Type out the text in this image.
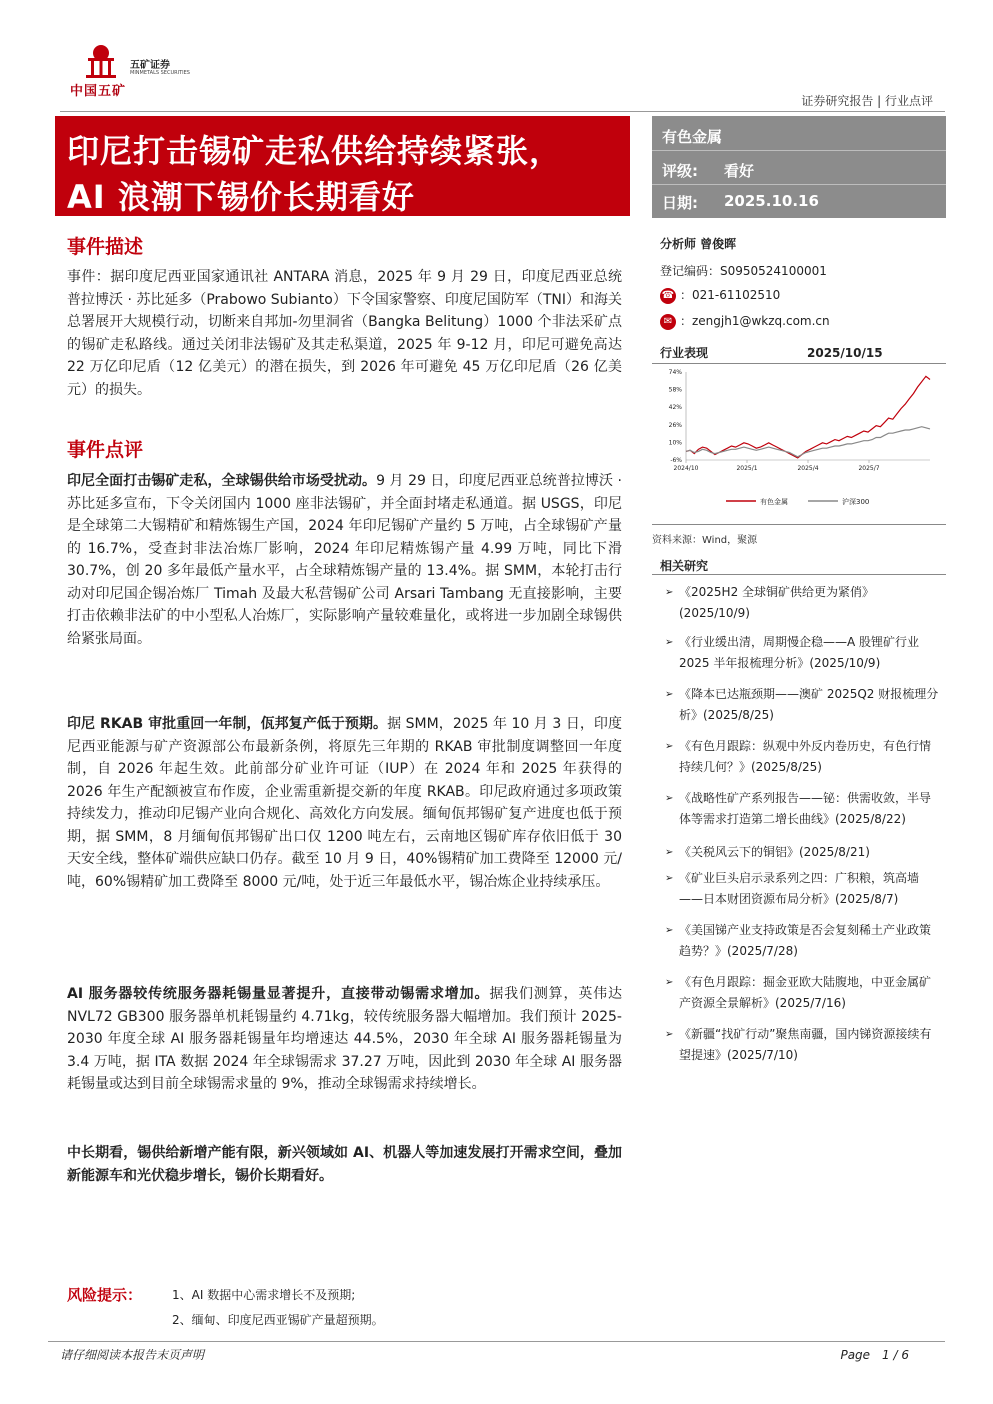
中国五矿
五矿证券
MINMETALS SECURITIES
证券研究报告 | 行业点评
印尼打击锡矿走私供给持续紧张，
AI 浪潮下锡价长期看好
有色金属
评级: 看好
日期: 2025.10.16
事件描述
事件：据印度尼西亚国家通讯社 ANTARA 消息，2025 年 9 月 29 日，印度尼西亚总统普拉博沃 · 苏比延多（Prabowo Subianto）下令国家警察、印度尼国防军（TNI）和海关总署展开大规模行动，切断来自邦加-勿里洞省（Bangka Belitung）1000 个非法采矿点的锡矿走私路线。通过关闭非法锡矿及其走私渠道，2025 年 9-12 月，印尼可避免高达 22 万亿印尼盾（12 亿美元）的潜在损失，到 2026 年可避免 45 万亿印尼盾（26 亿美元）的损失。
事件点评
印尼全面打击锡矿走私，全球锡供给市场受扰动。9 月 29 日，印度尼西亚总统普拉博沃 · 苏比延多宣布，下令关闭国内 1000 座非法锡矿，并全面封堵走私通道。据 USGS，印尼是全球第二大锡精矿和精炼锡生产国，2024 年印尼锡矿产量约 5 万吨，占全球锡矿产量的 16.7%，受查封非法冶炼厂影响，2024 年印尼精炼锡产量 4.99 万吨，同比下滑 30.7%，创 20 多年最低产量水平，占全球精炼锡产量的 13.4%。据 SMM，本轮打击行动对印尼国企锡冶炼厂 Timah 及最大私营锡矿公司 Arsari Tambang 无直接影响，主要打击依赖非法矿的中小型私人冶炼厂，实际影响产量较难量化，或将进一步加剧全球锡供给紧张局面。
印尼 RKAB 审批重回一年制，佤邦复产低于预期。据 SMM，2025 年 10 月 3 日，印度尼西亚能源与矿产资源部公布最新条例，将原先三年期的 RKAB 审批制度调整回一年度制，自 2026 年起生效。此前部分矿业许可证（IUP）在 2024 年和 2025 年获得的 2026 年生产配额被宣布作废，企业需重新提交新的年度 RKAB。印尼政府通过多项政策持续发力，推动印尼锡产业向合规化、高效化方向发展。缅甸佤邦锡矿复产进度也低于预期，据 SMM，8 月缅甸佤邦锡矿出口仅 1200 吨左右，云南地区锡矿库存依旧低于 30 天安全线，整体矿端供应缺口仍存。截至 10 月 9 日，40%锡精矿加工费降至 12000 元/吨，60%锡精矿加工费降至 8000 元/吨，处于近三年最低水平，锡冶炼企业持续承压。
AI 服务器较传统服务器耗锡量显著提升，直接带动锡需求增加。据我们测算，英伟达 NVL72 GB300 服务器单机耗锡量约 4.71kg，较传统服务器大幅增加。我们预计 2025-2030 年度全球 AI 服务器耗锡量年均增速达 44.5%，2030 年全球 AI 服务器耗锡量为 3.4 万吨，据 ITA 数据 2024 年全球锡需求 37.27 万吨，因此到 2030 年全球 AI 服务器耗锡量或达到目前全球锡需求量的 9%，推动全球锡需求持续增长。
中长期看，锡供给新增产能有限，新兴领域如 AI、机器人等加速发展打开需求空间，叠加新能源车和光伏稳步增长，锡价长期看好。
分析师 曾俊晖
登记编码：S0950524100001
☎ ：021-61102510
✉ ：zengjh1@wkzq.com.cn
行业表现	2025/10/15
74%
58%
42%
26%
10%
-6%
2024/10	2025/1	2025/4	2025/7
有色金属	沪深300
资料来源：Wind，聚源
相关研究
➢ 《2025H2 全球铜矿供给更为紧俏》(2025/10/9)
➢ 《行业缓出清，周期慢企稳——A 股锂矿行业 2025 半年报梳理分析》(2025/10/9)
➢ 《降本已达瓶颈期——澳矿 2025Q2 财报梳理分析》(2025/8/25)
➢ 《有色月跟踪：纵观中外反内卷历史，有色行情持续几何？》(2025/8/25)
➢ 《战略性矿产系列报告——铋：供需收敛，半导体等需求打造第二增长曲线》(2025/8/22)
➢ 《关税风云下的铜铝》(2025/8/21)
➢ 《矿业巨头启示录系列之四：广积粮，筑高墙——日本财团资源布局分析》(2025/8/7)
➢ 《美国锑产业支持政策是否会复刻稀土产业政策趋势？》(2025/7/28)
➢ 《有色月跟踪：掘金亚欧大陆腹地，中亚金属矿产资源全景解析》(2025/7/16)
➢ 《新疆“找矿行动”聚焦南疆，国内锑资源接续有望提速》(2025/7/10)
风险提示： 1、AI 数据中心需求增长不及预期;
2、缅甸、印度尼西亚锡矿产量超预期。
请仔细阅读本报告末页声明	Page　1 / 6
